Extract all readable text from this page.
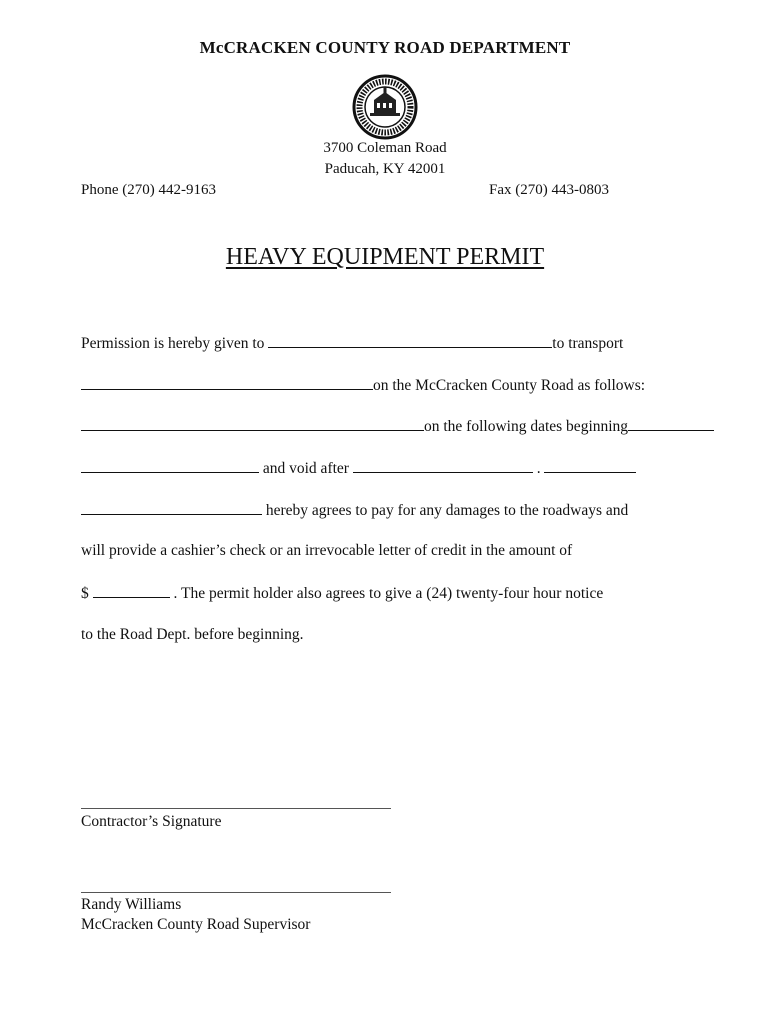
McCRACKEN COUNTY ROAD DEPARTMENT
3700 Coleman Road
Paducah, KY 42001
Phone (270) 442-9163	Fax (270) 443-0803
HEAVY EQUIPMENT PERMIT
Permission is hereby given to	to transport
on the McCracken County Road as follows:
on the following dates beginning
and void after	.
hereby agrees to pay for any damages to the roadways and
will provide a cashier’s check or an irrevocable letter of credit in the amount of
$	. The permit holder also agrees to give a (24) twenty-four hour notice
to the Road Dept. before beginning.
Contractor’s Signature
Randy Williams
McCracken County Road Supervisor
